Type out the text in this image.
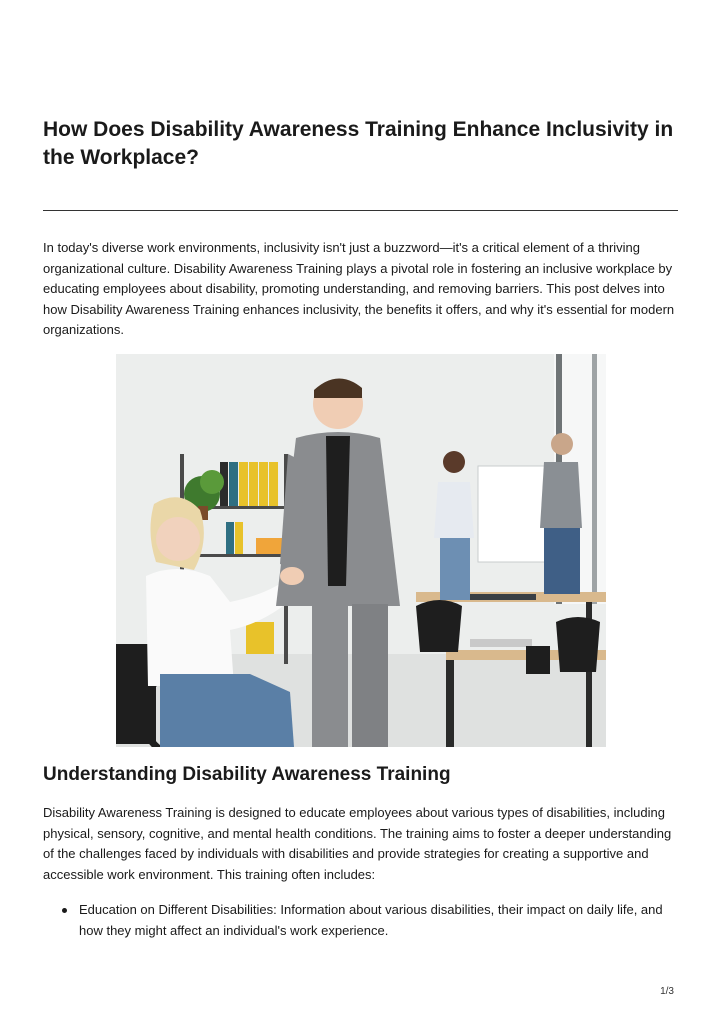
How Does Disability Awareness Training Enhance Inclusivity in the Workplace?

In today's diverse work environments, inclusivity isn't just a buzzword—it's a critical element of a thriving organizational culture. Disability Awareness Training plays a pivotal role in fostering an inclusive workplace by educating employees about disability, promoting understanding, and removing barriers. This post delves into how Disability Awareness Training enhances inclusivity, the benefits it offers, and why it's essential for modern organizations.

Understanding Disability Awareness Training

Disability Awareness Training is designed to educate employees about various types of disabilities, including physical, sensory, cognitive, and mental health conditions. The training aims to foster a deeper understanding of the challenges faced by individuals with disabilities and provide strategies for creating a supportive and accessible work environment. This training often includes:

Education on Different Disabilities: Information about various disabilities, their impact on daily life, and how they might affect an individual's work experience.
1/3
